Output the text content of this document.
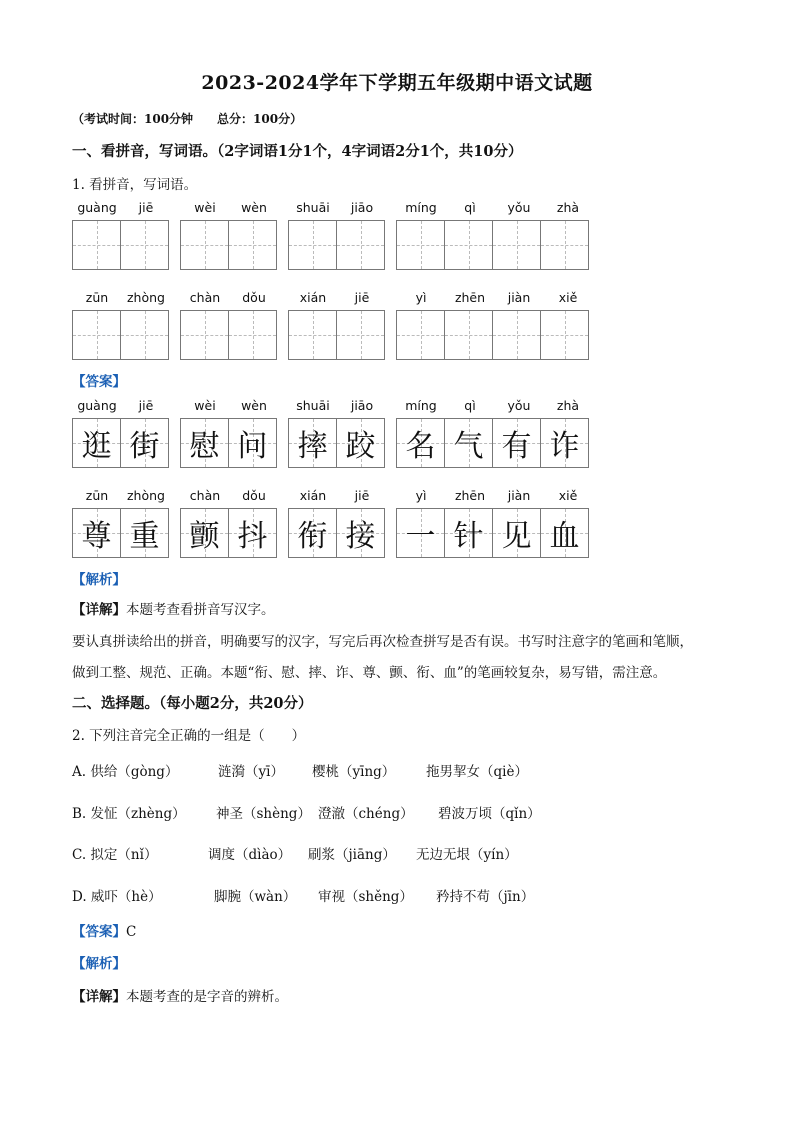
2023-2024学年下学期五年级期中语文试题
（考试时间：100分钟　　总分：100分）
一、看拼音，写词语。（2字词语1分1个，4字词语2分1个，共10分）
1. 看拼音，写词语。
guàng	jiē	wèi	wèn	shuāi	jiāo	míng	qì	yǒu	zhà
zūn	zhòng	chàn	dǒu	xián	jiē	yì	zhēn	jiàn	xiě
【答案】
guàng	jiē
逛 街
wèi	wèn
慰 问
shuāi	jiāo
摔 跤
míng	qì	yǒu	zhà
名 气 有 诈
zūn	zhòng
尊 重
chàn	dǒu
颤 抖
xián	jiē
衔 接
yì	zhēn	jiàn	xiě
一 针 见 血
【解析】
【详解】本题考查看拼音写汉字。
要认真拼读给出的拼音，明确要写的汉字，写完后再次检查拼写是否有误。书写时注意字的笔画和笔顺，
做到工整、规范、正确。本题“衔、慰、摔、诈、尊、颤、衔、血”的笔画较复杂，易写错，需注意。
二、选择题。（每小题2分，共20分）
2. 下列注音完全正确的一组是（　　）
A. 供给（gòng）	涟漪（yī） 樱桃（yīng） 拖男挈女（qiè）
B. 发怔（zhèng） 神圣（shèng） 澄澈（chéng） 碧波万顷（qǐn）
C. 拟定（nǐ）	调度（dìào） 刷浆（jiāng） 无边无垠（yín）
D. 威吓（hè）	脚腕（wàn） 审视（shěng） 矜持不苟（jīn）
【答案】C
【解析】
【详解】本题考查的是字音的辨析。
